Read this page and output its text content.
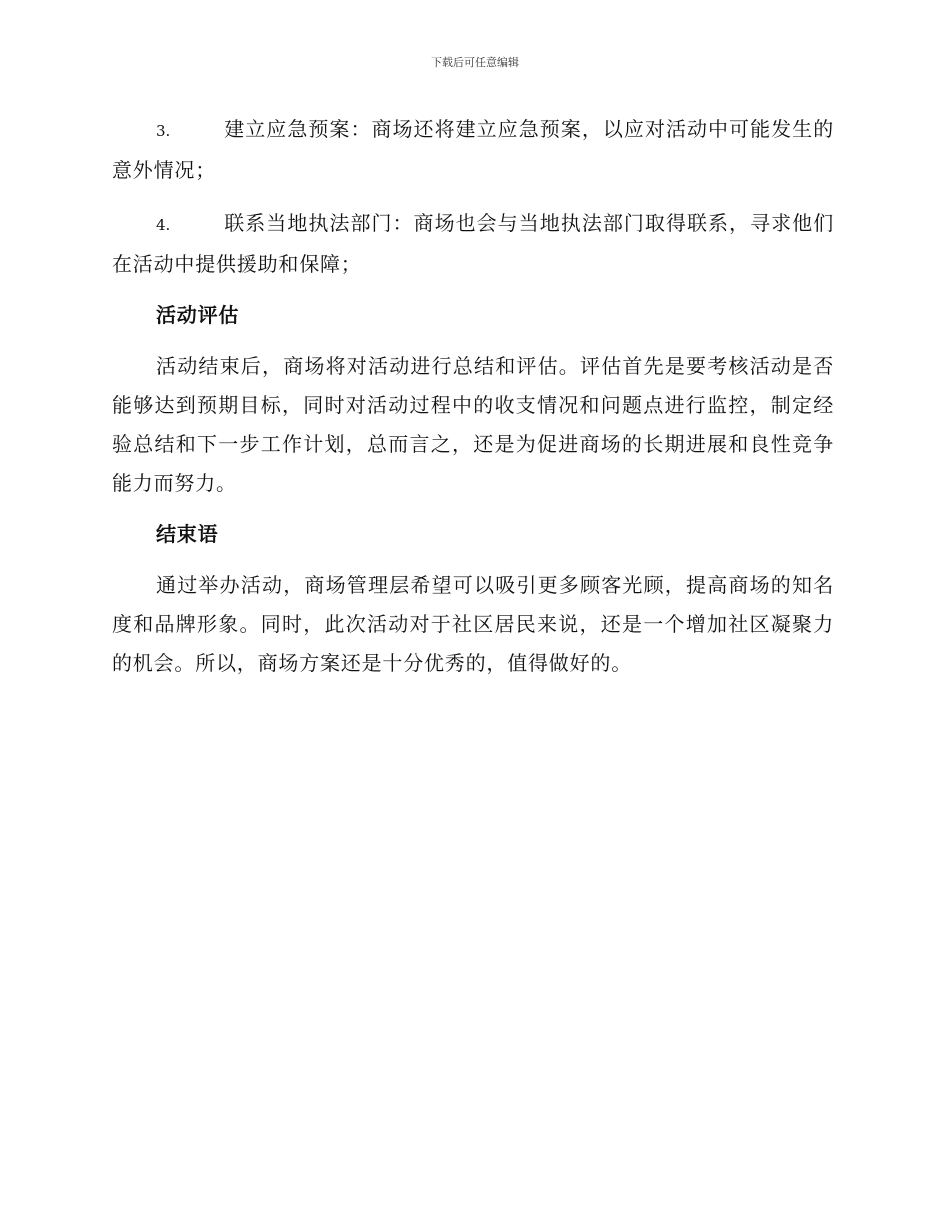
下载后可任意编辑

3.	建立应急预案：商场还将建立应急预案，以应对活动中可能发生的意外情况；

4.	联系当地执法部门：商场也会与当地执法部门取得联系，寻求他们在活动中提供援助和保障；

活动评估

活动结束后，商场将对活动进行总结和评估。评估首先是要考核活动是否能够达到预期目标，同时对活动过程中的收支情况和问题点进行监控，制定经验总结和下一步工作计划，总而言之，还是为促进商场的长期进展和良性竞争能力而努力。

结束语

通过举办活动，商场管理层希望可以吸引更多顾客光顾，提高商场的知名度和品牌形象。同时，此次活动对于社区居民来说，还是一个增加社区凝聚力的机会。所以，商场方案还是十分优秀的，值得做好的。
